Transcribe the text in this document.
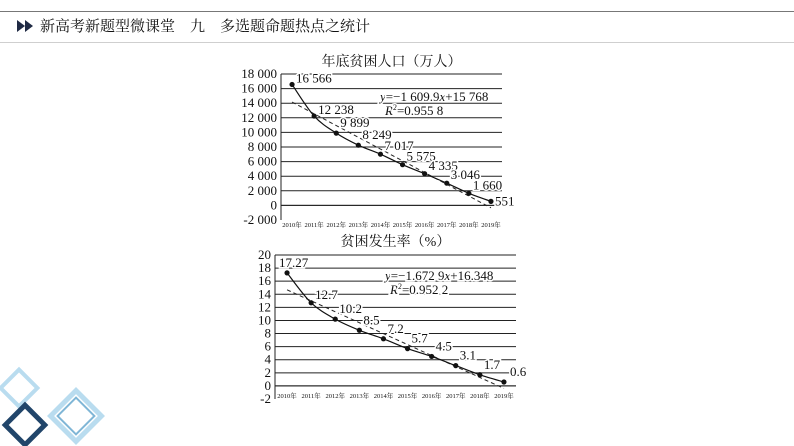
新高考新题型微课堂　九　多选题命题热点之统计
年底贫困人口（万人）
-2 000
0
2 000
4 000
6 000
8 000
10 000
12 000
14 000
16 000
18 000
2010年 2011年 2012年 2013年 2014年 2015年 2016年 2017年 2018年 2019年
16 566
12 238
9 899
8 249
7 017
5 575
4 335
3 046
1 660
551
y=−1 609.9x+15 768
$R^2=0.955$ 8
贫困发生率（%）
-2
0
2
4
6
8
10
12
14
16
18
20
2010年 2011年 2012年 2013年 2014年 2015年 2016年 2017年 2018年 2019年
17.27
12.7
10.2
8.5
7.2
5.7
4.5
3.1
1.7 0.6
y=−1.672 9x+16.348
$R^2=0.952$ 2
